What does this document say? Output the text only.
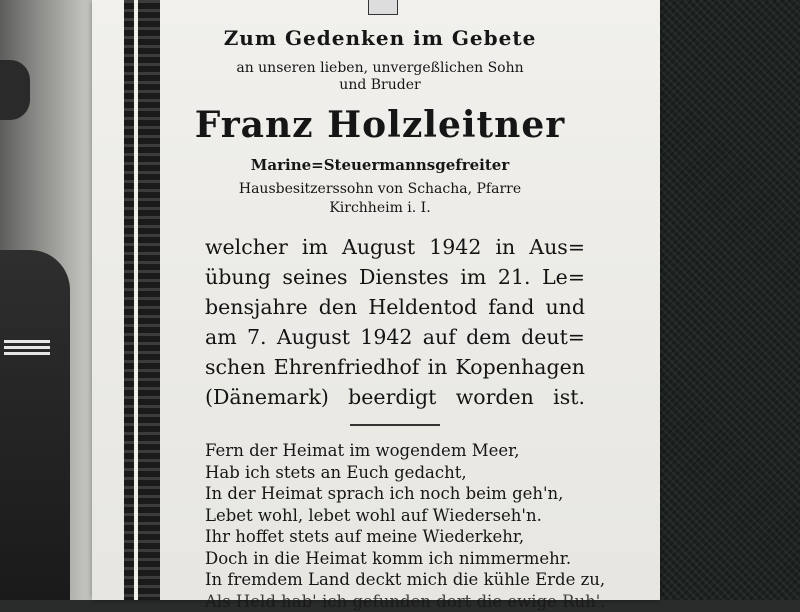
Zum Gedenken im Gebete
an unseren lieben, unvergeßlichen Sohn
und Bruder
Franz Holzleitner
Marine=Steuermannsgefreiter
Hausbesitzerssohn von Schacha, Pfarre
Kirchheim i. I.
welcher im August 1942 in Aus=
übung seines Dienstes im 21. Le=
bensjahre den Heldentod fand und
am 7. August 1942 auf dem deut=
schen Ehrenfriedhof in Kopenhagen
(Dänemark) beerdigt worden ist.
Fern der Heimat im wogendem Meer,
Hab ich stets an Euch gedacht,
In der Heimat sprach ich noch beim geh'n,
Lebet wohl, lebet wohl auf Wiederseh'n.
Ihr hoffet stets auf meine Wiederkehr,
Doch in die Heimat komm ich nimmermehr.
In fremdem Land deckt mich die kühle Erde zu,
Als Held hab' ich gefunden dort die ewige Ruh'.
